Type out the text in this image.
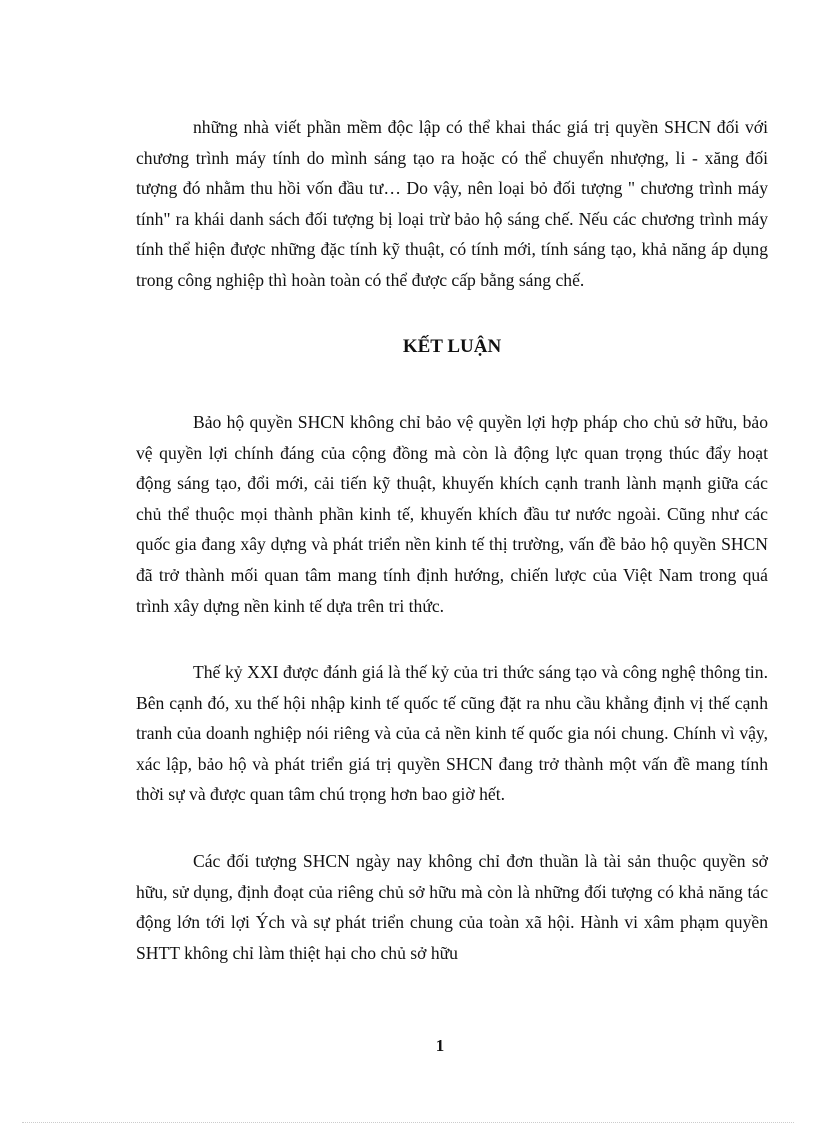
những nhà viết phần mềm độc lập có thể khai thác giá trị quyền SHCN đối với chương trình máy tính do mình sáng tạo ra hoặc có thể chuyển nhượng, li - xăng đối tượng đó nhằm thu hồi vốn đầu tư… Do vậy, nên loại bỏ đối tượng " chương trình máy tính" ra khái danh sách đối tượng bị loại trừ bảo hộ sáng chế. Nếu các chương trình máy tính thể hiện được những đặc tính kỹ thuật, có tính mới, tính sáng tạo, khả năng áp dụng trong công nghiệp thì hoàn toàn có thể được cấp bằng sáng chế.

KẾT LUẬN

Bảo hộ quyền SHCN không chỉ bảo vệ quyền lợi hợp pháp cho chủ sở hữu, bảo vệ quyền lợi chính đáng của cộng đồng mà còn là động lực quan trọng thúc đẩy hoạt động sáng tạo, đổi mới, cải tiến kỹ thuật, khuyến khích cạnh tranh lành mạnh giữa các chủ thể thuộc mọi thành phần kinh tế, khuyến khích đầu tư nước ngoài. Cũng như các quốc gia đang xây dựng và phát triển nền kinh tế thị trường, vấn đề bảo hộ quyền SHCN đã trở thành mối quan tâm mang tính định hướng, chiến lược của Việt Nam trong quá trình xây dựng nền kinh tế dựa trên tri thức.

Thế kỷ XXI được đánh giá là thế kỷ của tri thức sáng tạo và công nghệ thông tin. Bên cạnh đó, xu thế hội nhập kinh tế quốc tế cũng đặt ra nhu cầu khẳng định vị thế cạnh tranh của doanh nghiệp nói riêng và của cả nền kinh tế quốc gia nói chung. Chính vì vậy, xác lập, bảo hộ và phát triển giá trị quyền SHCN đang trở thành một vấn đề mang tính thời sự và được quan tâm chú trọng hơn bao giờ hết.

Các đối tượng SHCN ngày nay không chỉ đơn thuần là tài sản thuộc quyền sở hữu, sử dụng, định đoạt của riêng chủ sở hữu mà còn là những đối tượng có khả năng tác động lớn tới lợi Ých và sự phát triển chung của toàn xã hội. Hành vi xâm phạm quyền SHTT không chỉ làm thiệt hại cho chủ sở hữu

1
